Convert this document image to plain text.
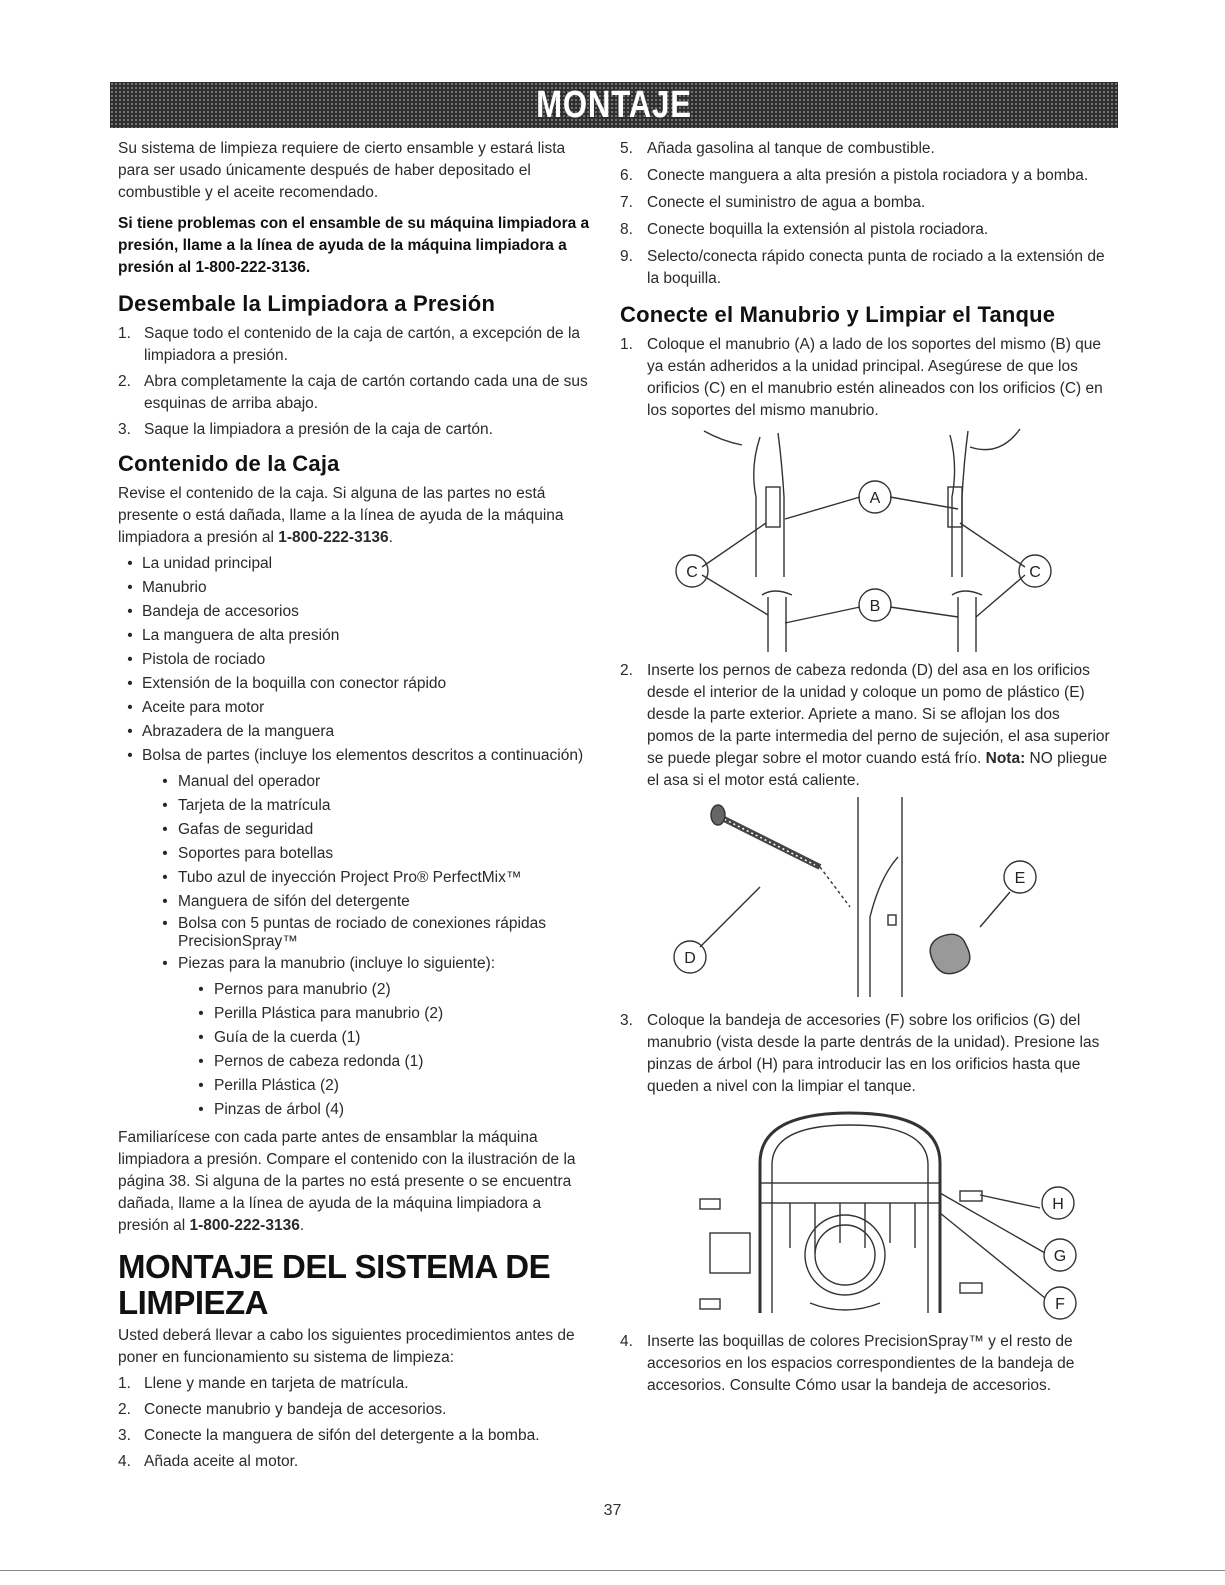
MONTAJE

Su sistema de limpieza requiere de cierto ensamble y estará lista para ser usado únicamente después de haber depositado el combustible y el aceite recomendado.

Si tiene problemas con el ensamble de su máquina limpiadora a presión, llame a la línea de ayuda de la máquina limpiadora a presión al 1-800-222-3136.

Desembale la Limpiadora a Presión
1. Saque todo el contenido de la caja de cartón, a excepción de la limpiadora a presión.
2. Abra completamente la caja de cartón cortando cada una de sus esquinas de arriba abajo.
3. Saque la limpiadora a presión de la caja de cartón.
Contenido de la Caja

Revise el contenido de la caja. Si alguna de las partes no está presente o está dañada, llame a la línea de ayuda de la máquina limpiadora a presión al 1-800-222-3136.

• La unidad principal
• Manubrio
• Bandeja de accesorios
• La manguera de alta presión
• Pistola de rociado
• Extensión de la boquilla con conector rápido
• Aceite para motor
• Abrazadera de la manguera
• Bolsa de partes (incluye los elementos descritos a continuación)
• Manual del operador
• Tarjeta de la matrícula
• Gafas de seguridad
• Soportes para botellas
• Tubo azul de inyección Project Pro® PerfectMix™
• Manguera de sifón del detergente
• Bolsa con 5 puntas de rociado de conexiones rápidas PrecisionSpray™
• Piezas para la manubrio (incluye lo siguiente):
• Pernos para manubrio (2)
• Perilla Plástica para manubrio (2)
• Guía de la cuerda (1)
• Pernos de cabeza redonda (1)
• Perilla Plástica (2)
• Pinzas de árbol (4)

Familiarícese con cada parte antes de ensamblar la máquina limpiadora a presión. Compare el contenido con la ilustración de la página 38. Si alguna de la partes no está presente o se encuentra dañada, llame a la línea de ayuda de la máquina limpiadora a presión al 1-800-222-3136.

MONTAJE DEL SISTEMA DE LIMPIEZA

Usted deberá llevar a cabo los siguientes procedimientos antes de poner en funcionamiento su sistema de limpieza:

1. Llene y mande en tarjeta de matrícula.
2. Conecte manubrio y bandeja de accesorios.
3. Conecte la manguera de sifón del detergente a la bomba.
4. Añada aceite al motor.
5. Añada gasolina al tanque de combustible.
6. Conecte manguera a alta presión a pistola rociadora y a bomba.
7. Conecte el suministro de agua a bomba.
8. Conecte boquilla la extensión al pistola rociadora.
9. Selecto/conecta rápido conecta punta de rociado a la extensión de la boquilla.
Conecte el Manubrio y Limpiar el Tanque
1. Coloque el manubrio (A) a lado de los soportes del mismo (B) que ya están adheridos a la unidad principal. Asegúrese de que los orificios (C) en el manubrio estén alineados con los orificios (C) en los soportes del mismo manubrio.
A
C	C
B
2. Inserte los pernos de cabeza redonda (D) del asa en los orificios desde el interior de la unidad y coloque un pomo de plástico (E) desde la parte exterior. Apriete a mano. Si se aflojan los dos pomos de la parte intermedia del perno de sujeción, el asa superior se puede plegar sobre el motor cuando está frío. Nota: NO pliegue el asa si el motor está caliente.
D
E
3. Coloque la bandeja de accesories (F) sobre los orificios (G) del manubrio (vista desde la parte dentrás de la unidad). Presione las pinzas de árbol (H) para introducir las en los orificios hasta que queden a nivel con la limpiar el tanque.
H
G
F
4. Inserte las boquillas de colores PrecisionSpray™ y el resto de accesorios en los espacios correspondientes de la bandeja de accesorios. Consulte Cómo usar la bandeja de accesorios.
37
